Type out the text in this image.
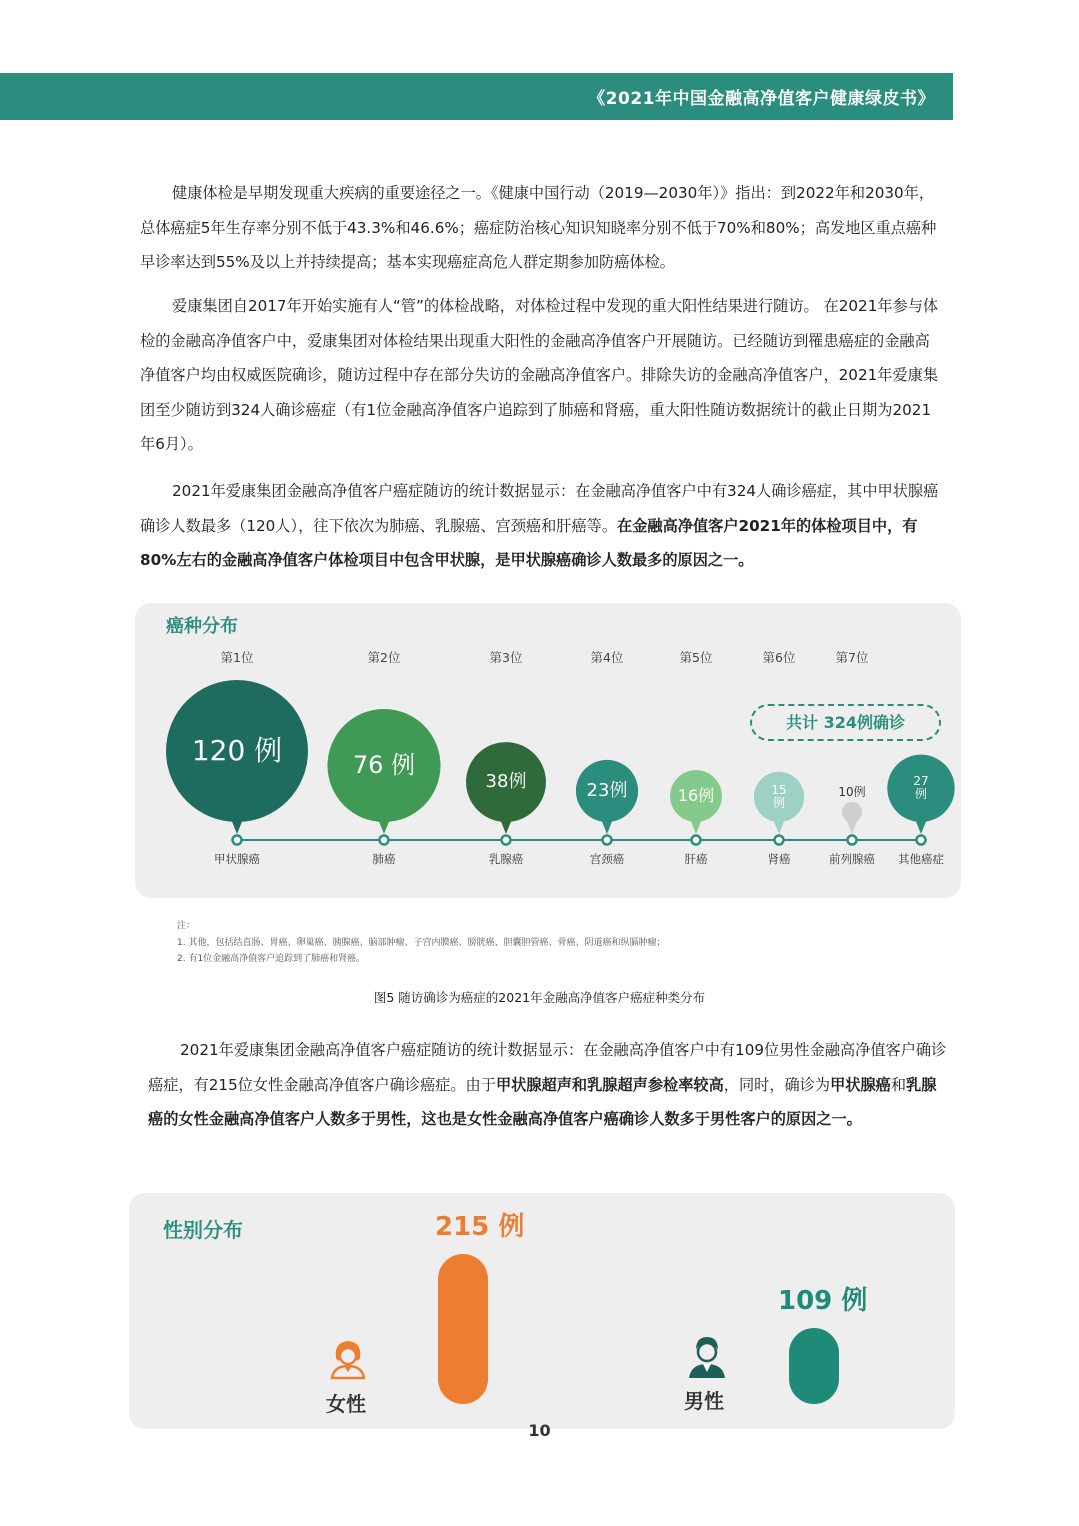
《2021年中国金融高净值客户健康绿皮书》
健康体检是早期发现重大疾病的重要途径之一。《健康中国行动（2019—2030年）》指出：到2022年和2030年，总体癌症5年生存率分别不低于43.3%和46.6%；癌症防治核心知识知晓率分别不低于70%和80%；高发地区重点癌种早诊率达到55%及以上并持续提高；基本实现癌症高危人群定期参加防癌体检。
爱康集团自2017年开始实施有人“管”的体检战略，对体检过程中发现的重大阳性结果进行随访。 在2021年参与体检的金融高净值客户中，爱康集团对体检结果出现重大阳性的金融高净值客户开展随访。已经随访到罹患癌症的金融高净值客户均由权威医院确诊，随访过程中存在部分失访的金融高净值客户。排除失访的金融高净值客户，2021年爱康集团至少随访到324人确诊癌症（有1位金融高净值客户追踪到了肺癌和肾癌，重大阳性随访数据统计的截止日期为2021年6月）。
2021年爱康集团金融高净值客户癌症随访的统计数据显示：在金融高净值客户中有324人确诊癌症，其中甲状腺癌确诊人数最多（120人），往下依次为肺癌、乳腺癌、宫颈癌和肝癌等。在金融高净值客户2021年的体检项目中，有80%左右的金融高净值客户体检项目中包含甲状腺，是甲状腺癌确诊人数最多的原因之一。
癌种分布
120 例
第1位
甲状腺癌
76 例
第2位
肺癌
38例
第3位
乳腺癌
23例
第4位
宫颈癌
16例
第5位
肝癌
15
例
第6位
肾癌
10例
第7位
前列腺癌
27
例
其他癌症
共计 324例确诊
注：
1. 其他，包括结直肠、胃癌、卵巢癌、胰腺癌、脑部肿瘤、子宫内膜癌、膀胱癌、胆囊胆管癌、骨癌、阴道癌和纵膈肿瘤；
2. 有1位金融高净值客户追踪到了肺癌和肾癌。
图5 随访确诊为癌症的2021年金融高净值客户癌症种类分布
2021年爱康集团金融高净值客户癌症随访的统计数据显示：在金融高净值客户中有109位男性金融高净值客户确诊癌症，有215位女性金融高净值客户确诊癌症。由于甲状腺超声和乳腺超声参检率较高，同时，确诊为甲状腺癌和乳腺癌的女性金融高净值客户人数多于男性，这也是女性金融高净值客户癌确诊人数多于男性客户的原因之一。
性别分布	215 例
109 例
女性	男性
10
